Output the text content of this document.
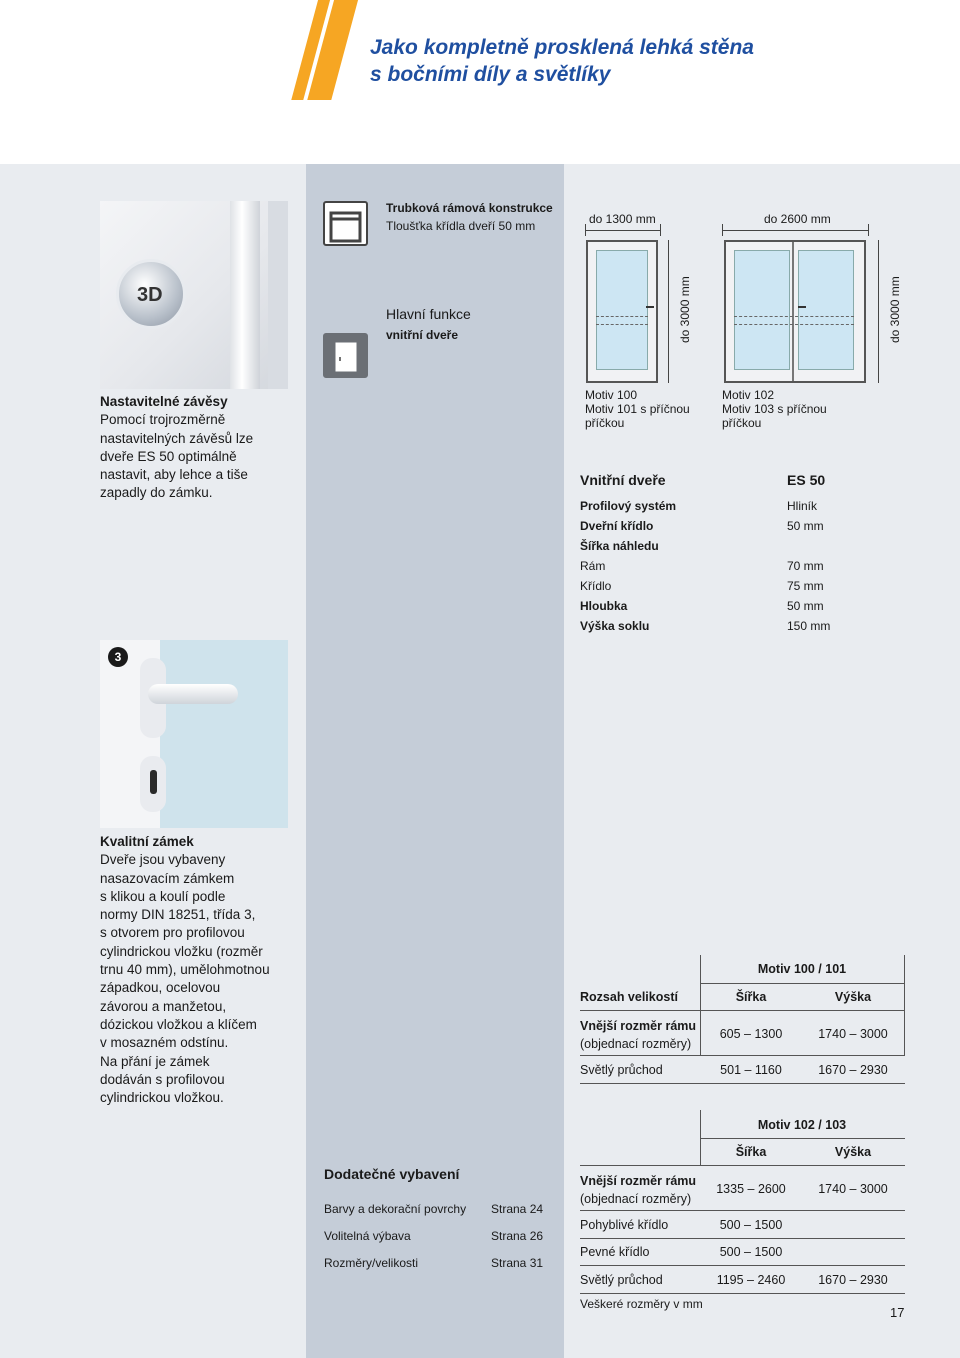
Jako kompletně prosklená lehká stěna
s bočními díly a světlíky
3D
Nastavitelné závěsy
Pomocí trojrozměrně
nastavitelných závěsů lze
dveře ES 50 optimálně
nastavit, aby lehce a tiše
zapadly do zámku.
3
Kvalitní zámek
Dveře jsou vybaveny
nasazovacím zámkem
s klikou a koulí podle
normy DIN 18251, třída 3,
s otvorem pro profilovou
cylindrickou vložku (rozměr
trnu 40 mm), umělohmotnou
západkou, ocelovou
závorou a manžetou,
dózickou vložkou a klíčem
v mosazném odstínu.
Na přání je zámek
dodáván s profilovou
cylindrickou vložkou.
Trubková rámová konstrukce
Tloušťka křídla dveří 50 mm
Hlavní funkce
vnitřní dveře
Dodatečné vybavení
Barvy a dekorační povrchy Strana 24
Volitelná výbava	Strana 26
Rozměry/velikosti	Strana 31
do 1300 mm	do 2600 mm
do 3000 mm	do 3000 mm
Motiv 100
Motiv 101 s příčnou
příčkou
Motiv 102
Motiv 103 s příčnou
příčkou
Vnitřní dveře	ES 50
Profilový systém	Hliník
Dveřní křídlo	50 mm
Šířka náhledu
Rám	70 mm
Křídlo	75 mm
Hloubka	50 mm
Výška soklu	150 mm
Motiv 100 / 101
Rozsah velikostí	Šířka	Výška
Vnější rozměr rámu
(objednací rozměry)
605 – 1300	1740 – 3000
Světlý průchod	501 – 1160	1670 – 2930
Motiv 102 / 103
Šířka	Výška
Vnější rozměr rámu
(objednací rozměry)
1335 – 2600	1740 – 3000
Pohyblivé křídlo	500 – 1500
Pevné křídlo	500 – 1500
Světlý průchod	1195 – 2460	1670 – 2930
Veškeré rozměry v mm
17
